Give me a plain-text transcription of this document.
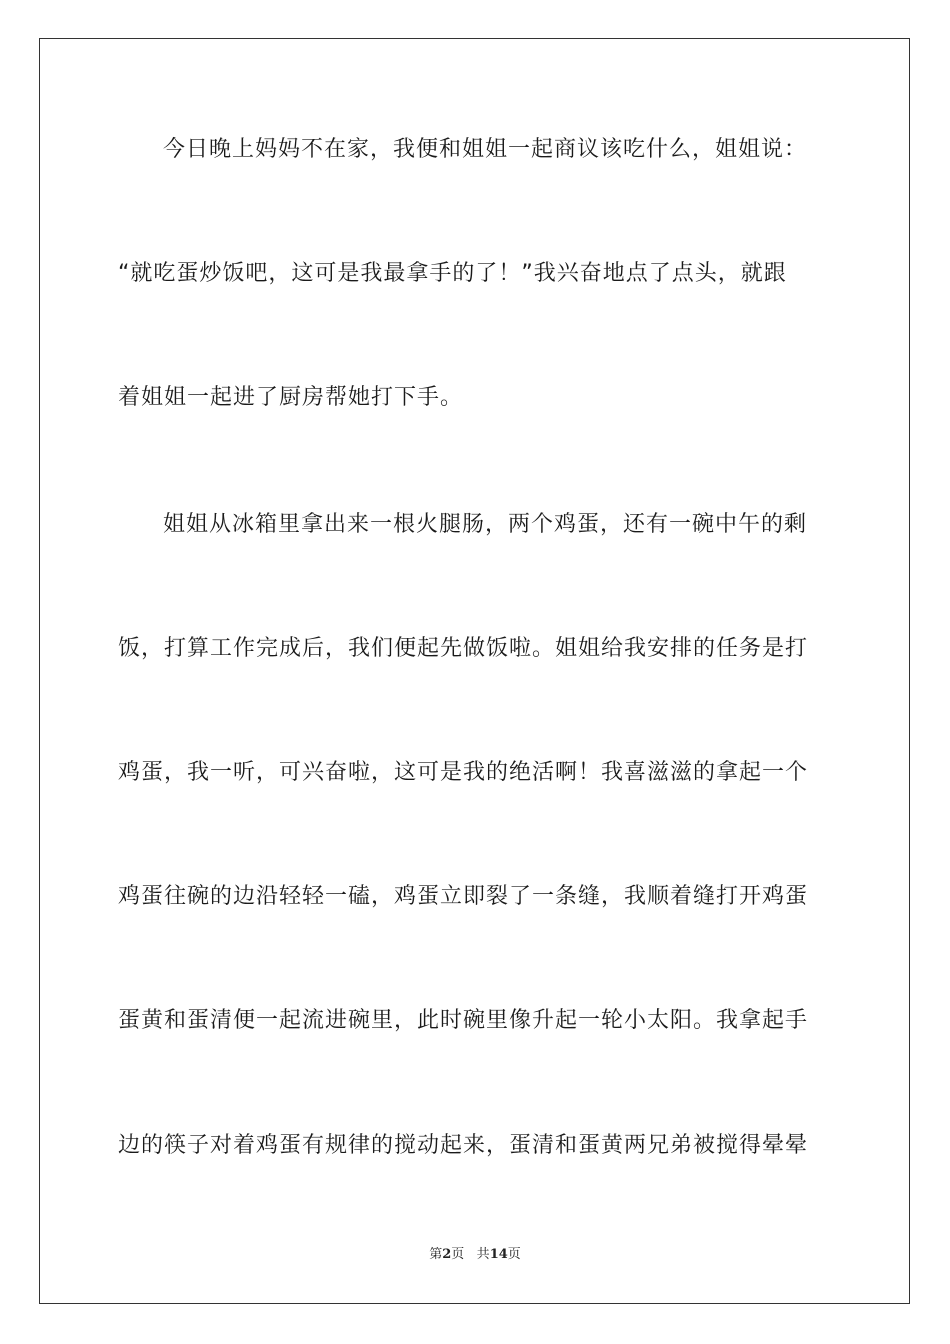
今日晚上妈妈不在家，我便和姐姐一起商议该吃什么，姐姐说：
“就吃蛋炒饭吧，这可是我最拿手的了！”我兴奋地点了点头，就跟
着姐姐一起进了厨房帮她打下手。
姐姐从冰箱里拿出来一根火腿肠，两个鸡蛋，还有一碗中午的剩
饭，打算工作完成后，我们便起先做饭啦。姐姐给我安排的任务是打
鸡蛋，我一听，可兴奋啦，这可是我的绝活啊！我喜滋滋的拿起一个
鸡蛋往碗的边沿轻轻一磕，鸡蛋立即裂了一条缝，我顺着缝打开鸡蛋
蛋黄和蛋清便一起流进碗里，此时碗里像升起一轮小太阳。我拿起手
边的筷子对着鸡蛋有规律的搅动起来，蛋清和蛋黄两兄弟被搅得晕晕
第2页 共14页
